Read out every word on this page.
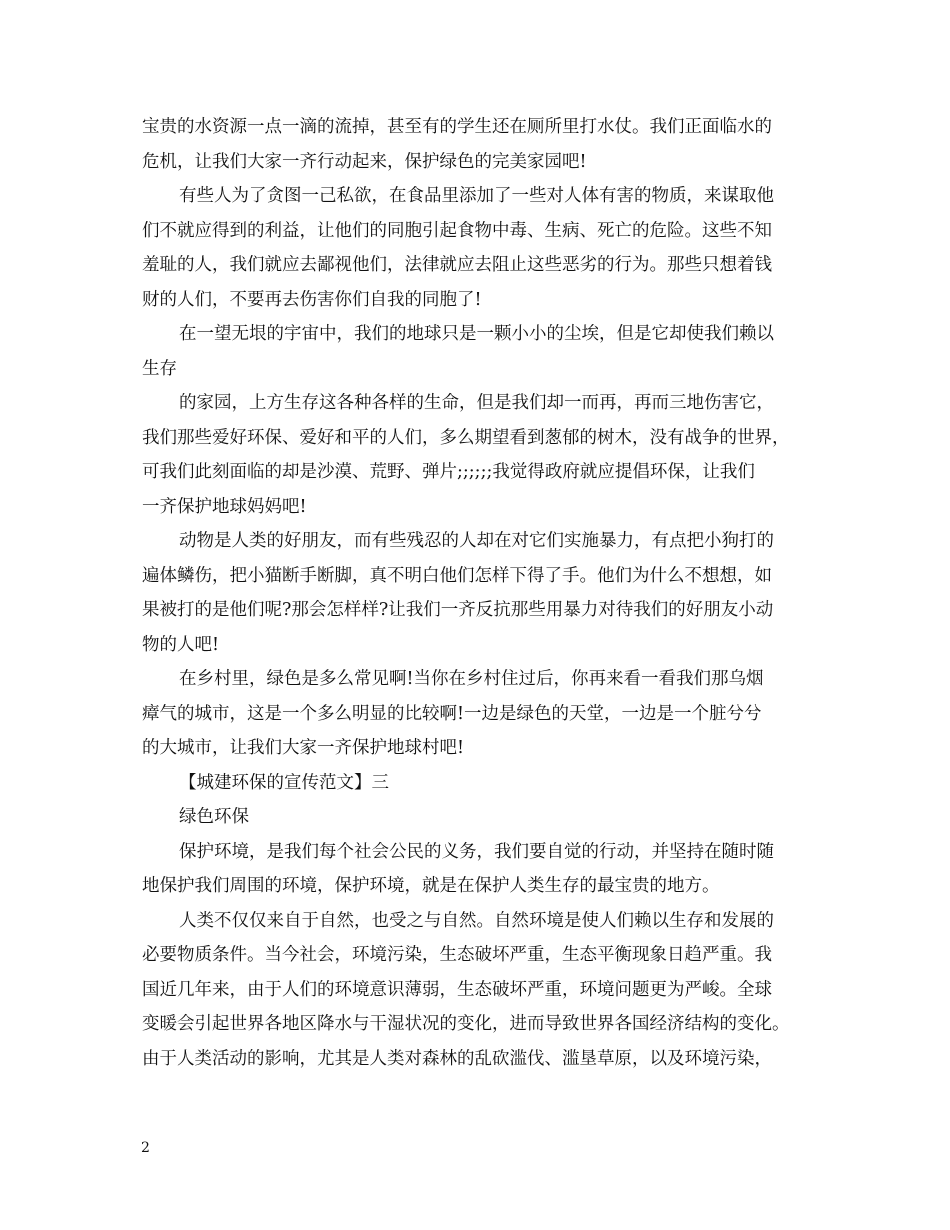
宝贵的水资源一点一滴的流掉，甚至有的学生还在厕所里打水仗。我们正面临水的
危机，让我们大家一齐行动起来，保护绿色的完美家园吧!
有些人为了贪图一己私欲，在食品里添加了一些对人体有害的物质，来谋取他
们不就应得到的利益，让他们的同胞引起食物中毒、生病、死亡的危险。这些不知
羞耻的人，我们就应去鄙视他们，法律就应去阻止这些恶劣的行为。那些只想着钱
财的人们，不要再去伤害你们自我的同胞了!
在一望无垠的宇宙中，我们的地球只是一颗小小的尘埃，但是它却使我们赖以
生存
的家园，上方生存这各种各样的生命，但是我们却一而再，再而三地伤害它，
我们那些爱好环保、爱好和平的人们，多么期望看到葱郁的树木，没有战争的世界，
可我们此刻面临的却是沙漠、荒野、弹片;;;;;;我觉得政府就应提倡环保，让我们
一齐保护地球妈妈吧!
动物是人类的好朋友，而有些残忍的人却在对它们实施暴力，有点把小狗打的
遍体鳞伤，把小猫断手断脚，真不明白他们怎样下得了手。他们为什么不想想，如
果被打的是他们呢?那会怎样样?让我们一齐反抗那些用暴力对待我们的好朋友小动
物的人吧!
在乡村里，绿色是多么常见啊!当你在乡村住过后，你再来看一看我们那乌烟
瘴气的城市，这是一个多么明显的比较啊!一边是绿色的天堂，一边是一个脏兮兮
的大城市，让我们大家一齐保护地球村吧!
【城建环保的宣传范文】三
绿色环保
保护环境，是我们每个社会公民的义务，我们要自觉的行动，并坚持在随时随
地保护我们周围的环境，保护环境，就是在保护人类生存的最宝贵的地方。
人类不仅仅来自于自然，也受之与自然。自然环境是使人们赖以生存和发展的
必要物质条件。当今社会，环境污染，生态破坏严重，生态平衡现象日趋严重。我
国近几年来，由于人们的环境意识薄弱，生态破坏严重，环境问题更为严峻。全球
变暖会引起世界各地区降水与干湿状况的变化，进而导致世界各国经济结构的变化。
由于人类活动的影响，尤其是人类对森林的乱砍滥伐、滥垦草原，以及环境污染，
2
